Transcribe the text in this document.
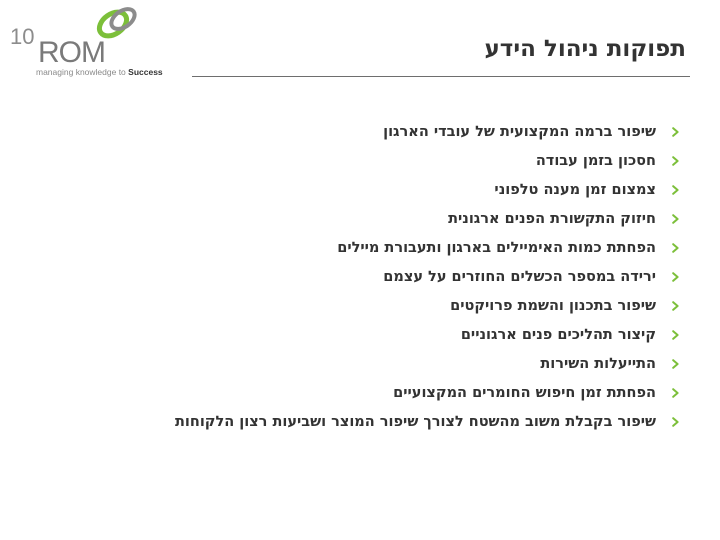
10 ROM
managing knowledge to Success
תפוקות ניהול הידע
שיפור ברמה המקצועית של עובדי הארגון
חסכון בזמן עבודה
צמצום זמן מענה טלפוני
חיזוק התקשורת הפנים ארגונית
הפחתת כמות האימיילים בארגון ותעבורת מיילים
ירידה במספר הכשלים החוזרים על עצמם
שיפור בתכנון והשמת פרויקטים
קיצור תהליכים פנים ארגוניים
התייעלות השירות
הפחתת זמן חיפוש החומרים המקצועיים
שיפור בקבלת משוב מהשטח לצורך שיפור המוצר ושביעות רצון הלקוחות
